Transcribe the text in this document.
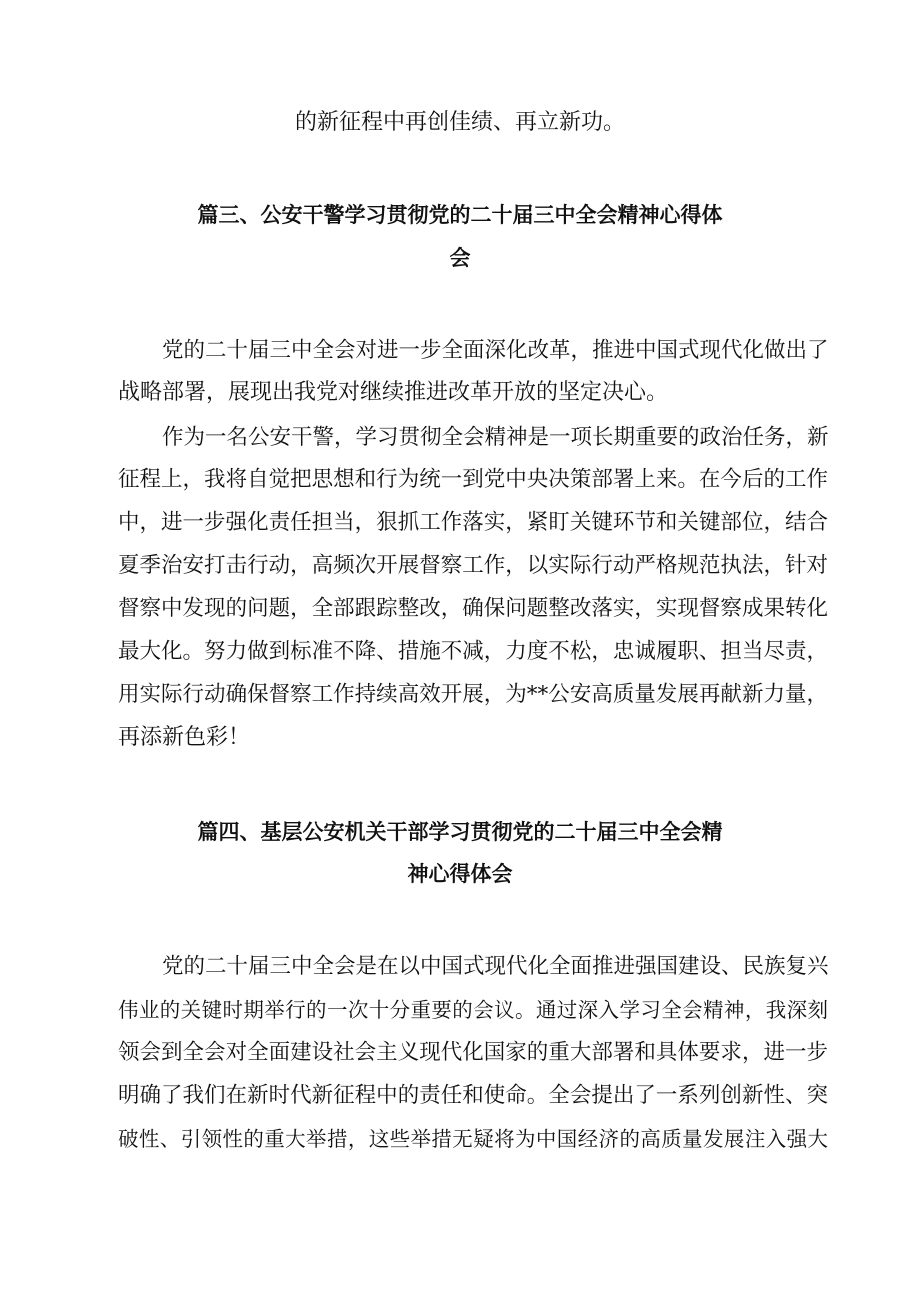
的新征程中再创佳绩、再立新功。
篇三、公安干警学习贯彻党的二十届三中全会精神心得体
会
党的二十届三中全会对进一步全面深化改革，推进中国式现代化做出了
战略部署，展现出我党对继续推进改革开放的坚定决心。
作为一名公安干警，学习贯彻全会精神是一项长期重要的政治任务，新
征程上，我将自觉把思想和行为统一到党中央决策部署上来。在今后的工作
中，进一步强化责任担当，狠抓工作落实，紧盯关键环节和关键部位，结合
夏季治安打击行动，高频次开展督察工作，以实际行动严格规范执法，针对
督察中发现的问题，全部跟踪整改，确保问题整改落实，实现督察成果转化
最大化。努力做到标准不降、措施不减，力度不松，忠诚履职、担当尽责，
用实际行动确保督察工作持续高效开展，为**公安高质量发展再献新力量，
再添新色彩！
篇四、基层公安机关干部学习贯彻党的二十届三中全会精
神心得体会
党的二十届三中全会是在以中国式现代化全面推进强国建设、民族复兴
伟业的关键时期举行的一次十分重要的会议。通过深入学习全会精神，我深刻
领会到全会对全面建设社会主义现代化国家的重大部署和具体要求，进一步
明确了我们在新时代新征程中的责任和使命。全会提出了一系列创新性、突
破性、引领性的重大举措，这些举措无疑将为中国经济的高质量发展注入强大
